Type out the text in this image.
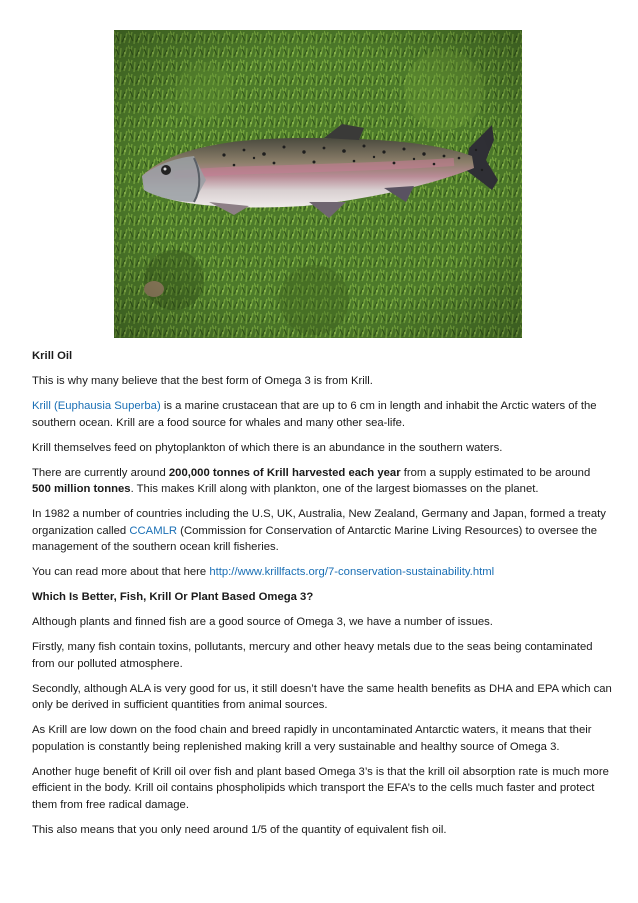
Krill Oil

This is why many believe that the best form of Omega 3 is from Krill.

Krill (Euphausia Superba) is a marine crustacean that are up to 6 cm in length and inhabit the Arctic waters of the southern ocean. Krill are a food source for whales and many other sea-life.

Krill themselves feed on phytoplankton of which there is an abundance in the southern waters.

There are currently around 200,000 tonnes of Krill harvested each year from a supply estimated to be around 500 million tonnes. This makes Krill along with plankton, one of the largest biomasses on the planet.

In 1982 a number of countries including the U.S, UK, Australia, New Zealand, Germany and Japan, formed a treaty organization called CCAMLR (Commission for Conservation of Antarctic Marine Living Resources) to oversee the management of the southern ocean krill fisheries.

You can read more about that here http://www.krillfacts.org/7-conservation-sustainability.html

Which Is Better, Fish, Krill Or Plant Based Omega 3?

Although plants and finned fish are a good source of Omega 3, we have a number of issues.

Firstly, many fish contain toxins, pollutants, mercury and other heavy metals due to the seas being contaminated from our polluted atmosphere.

Secondly, although ALA is very good for us, it still doesn’t have the same health benefits as DHA and EPA which can only be derived in sufficient quantities from animal sources.

As Krill are low down on the food chain and breed rapidly in uncontaminated Antarctic waters, it means that their population is constantly being replenished making krill a very sustainable and healthy source of Omega 3.

Another huge benefit of Krill oil over fish and plant based Omega 3’s is that the krill oil absorption rate is much more efficient in the body. Krill oil contains phospholipids which transport the EFA’s to the cells much faster and protect them from free radical damage.

This also means that you only need around 1/5 of the quantity of equivalent fish oil.
